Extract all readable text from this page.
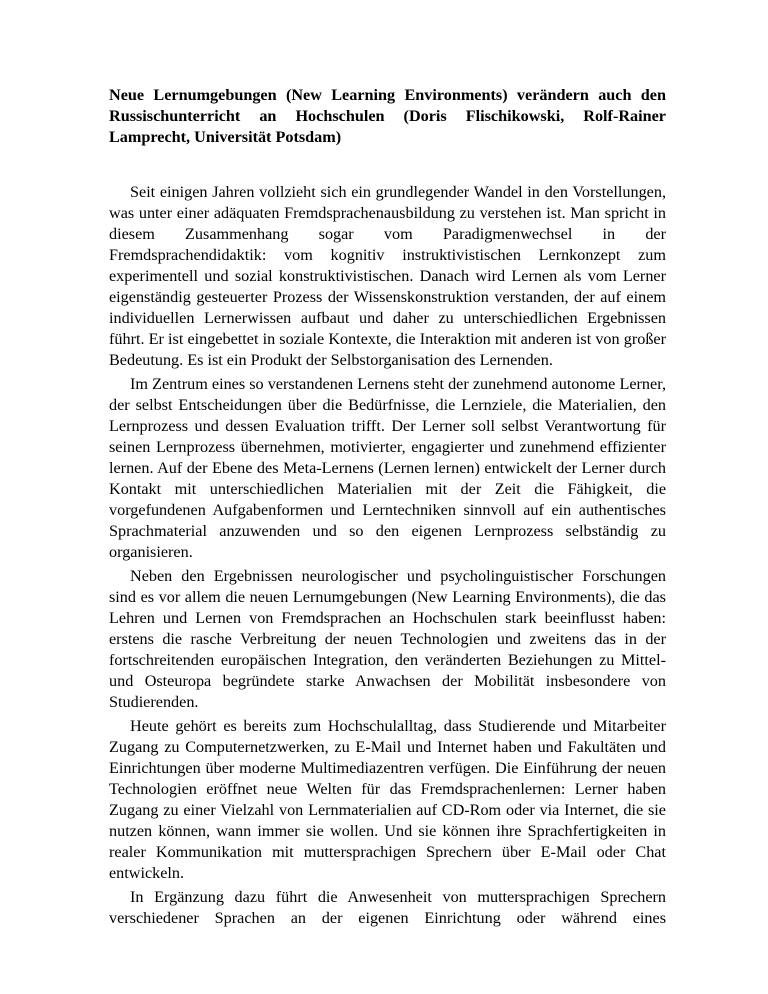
Neue Lernumgebungen (New Learning Environments) verändern auch den Russischunterricht an Hochschulen (Doris Flischikowski, Rolf-Rainer Lamprecht, Universität Potsdam)

Seit einigen Jahren vollzieht sich ein grundlegender Wandel in den Vorstellungen, was unter einer adäquaten Fremdsprachenausbildung zu verstehen ist. Man spricht in diesem Zusammenhang sogar vom Paradigmenwechsel in der Fremdsprachendidaktik: vom kognitiv instruktivistischen Lernkonzept zum experimentell und sozial konstruktivistischen. Danach wird Lernen als vom Lerner eigenständig gesteuerter Prozess der Wissenskonstruktion verstanden, der auf einem individuellen Lernerwissen aufbaut und daher zu unterschiedlichen Ergebnissen führt. Er ist eingebettet in soziale Kontexte, die Interaktion mit anderen ist von großer Bedeutung. Es ist ein Produkt der Selbstorganisation des Lernenden.

Im Zentrum eines so verstandenen Lernens steht der zunehmend autonome Lerner, der selbst Entscheidungen über die Bedürfnisse, die Lernziele, die Materialien, den Lernprozess und dessen Evaluation trifft. Der Lerner soll selbst Verantwortung für seinen Lernprozess übernehmen, motivierter, engagierter und zunehmend effizienter lernen. Auf der Ebene des Meta-Lernens (Lernen lernen) entwickelt der Lerner durch Kontakt mit unterschiedlichen Materialien mit der Zeit die Fähigkeit, die vorgefundenen Aufgabenformen und Lerntechniken sinnvoll auf ein authentisches Sprachmaterial anzuwenden und so den eigenen Lernprozess selbständig zu organisieren.

Neben den Ergebnissen neurologischer und psycholinguistischer Forschungen sind es vor allem die neuen Lernumgebungen (New Learning Environments), die das Lehren und Lernen von Fremdsprachen an Hochschulen stark beeinflusst haben: erstens die rasche Verbreitung der neuen Technologien und zweitens das in der fortschreitenden europäischen Integration, den veränderten Beziehungen zu Mittel- und Osteuropa begründete starke Anwachsen der Mobilität insbesondere von Studierenden.

Heute gehört es bereits zum Hochschulalltag, dass Studierende und Mitarbeiter Zugang zu Computernetzwerken, zu E-Mail und Internet haben und Fakultäten und Einrichtungen über moderne Multimediazentren verfügen. Die Einführung der neuen Technologien eröffnet neue Welten für das Fremdsprachenlernen: Lerner haben Zugang zu einer Vielzahl von Lernmaterialien auf CD-Rom oder via Internet, die sie nutzen können, wann immer sie wollen. Und sie können ihre Sprachfertigkeiten in realer Kommunikation mit muttersprachigen Sprechern über E-Mail oder Chat entwickeln.

In Ergänzung dazu führt die Anwesenheit von muttersprachigen Sprechern verschiedener Sprachen an der eigenen Einrichtung oder während eines
